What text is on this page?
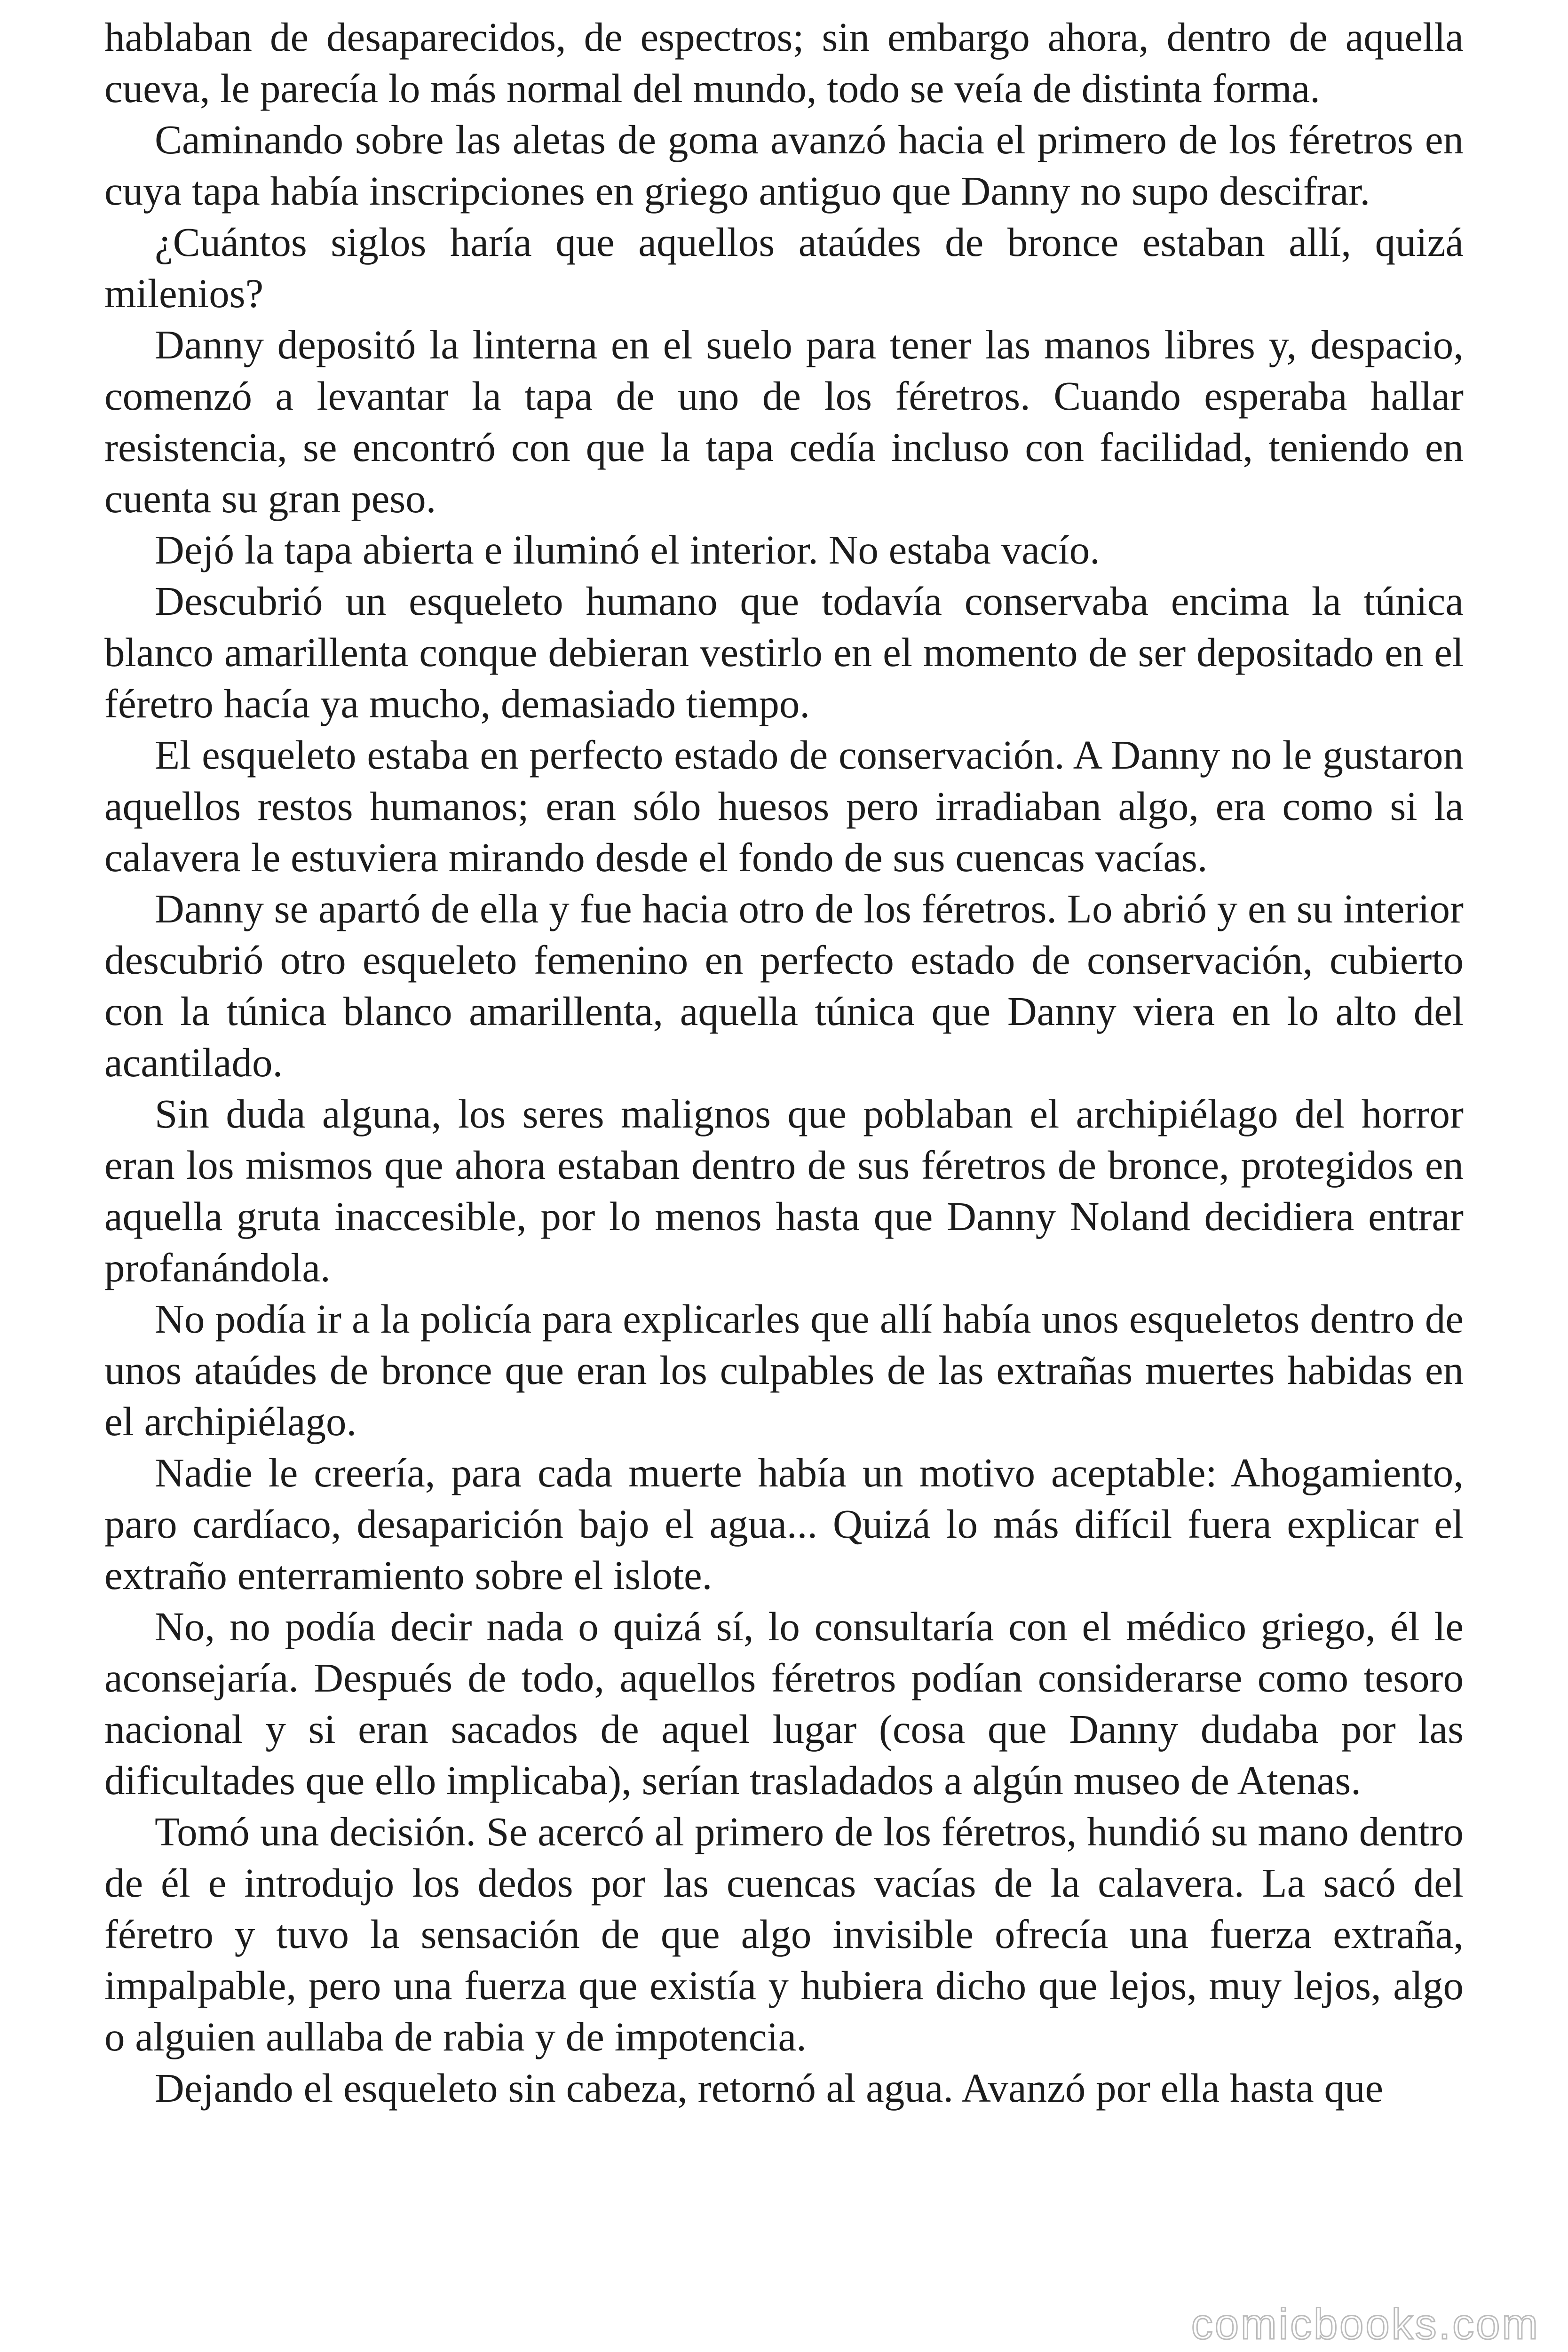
hablaban de desaparecidos, de espectros; sin embargo ahora, dentro de aquella cueva, le parecía lo más normal del mundo, todo se veía de distinta forma.

Caminando sobre las aletas de goma avanzó hacia el primero de los féretros en cuya tapa había inscripciones en griego antiguo que Danny no supo descifrar.

¿Cuántos siglos haría que aquellos ataúdes de bronce estaban allí, quizá milenios?

Danny depositó la linterna en el suelo para tener las manos libres y, despacio, comenzó a levantar la tapa de uno de los féretros. Cuando esperaba hallar resistencia, se encontró con que la tapa cedía incluso con facilidad, teniendo en cuenta su gran peso.

Dejó la tapa abierta e iluminó el interior. No estaba vacío.

Descubrió un esqueleto humano que todavía conservaba encima la túnica blanco amarillenta conque debieran vestirlo en el momento de ser depositado en el féretro hacía ya mucho, demasiado tiempo.

El esqueleto estaba en perfecto estado de conservación. A Danny no le gustaron aquellos restos humanos; eran sólo huesos pero irradiaban algo, era como si la calavera le estuviera mirando desde el fondo de sus cuencas vacías.

Danny se apartó de ella y fue hacia otro de los féretros. Lo abrió y en su interior descubrió otro esqueleto femenino en perfecto estado de conservación, cubierto con la túnica blanco amarillenta, aquella túnica que Danny viera en lo alto del acantilado.

Sin duda alguna, los seres malignos que poblaban el archipiélago del horror eran los mismos que ahora estaban dentro de sus féretros de bronce, protegidos en aquella gruta inaccesible, por lo menos hasta que Danny Noland decidiera entrar profanándola.

No podía ir a la policía para explicarles que allí había unos esqueletos dentro de unos ataúdes de bronce que eran los culpables de las extrañas muertes habidas en el archipiélago.

Nadie le creería, para cada muerte había un motivo aceptable: Ahogamiento, paro cardíaco, desaparición bajo el agua... Quizá lo más difícil fuera explicar el extraño enterramiento sobre el islote.

No, no podía decir nada o quizá sí, lo consultaría con el médico griego, él le aconsejaría. Después de todo, aquellos féretros podían considerarse como tesoro nacional y si eran sacados de aquel lugar (cosa que Danny dudaba por las dificultades que ello implicaba), serían trasladados a algún museo de Atenas.

Tomó una decisión. Se acercó al primero de los féretros, hundió su mano dentro de él e introdujo los dedos por las cuencas vacías de la calavera. La sacó del féretro y tuvo la sensación de que algo invisible ofrecía una fuerza extraña, impalpable, pero una fuerza que existía y hubiera dicho que lejos, muy lejos, algo o alguien aullaba de rabia y de impotencia.

Dejando el esqueleto sin cabeza, retornó al agua. Avanzó por ella hasta que

comicbooks.com
